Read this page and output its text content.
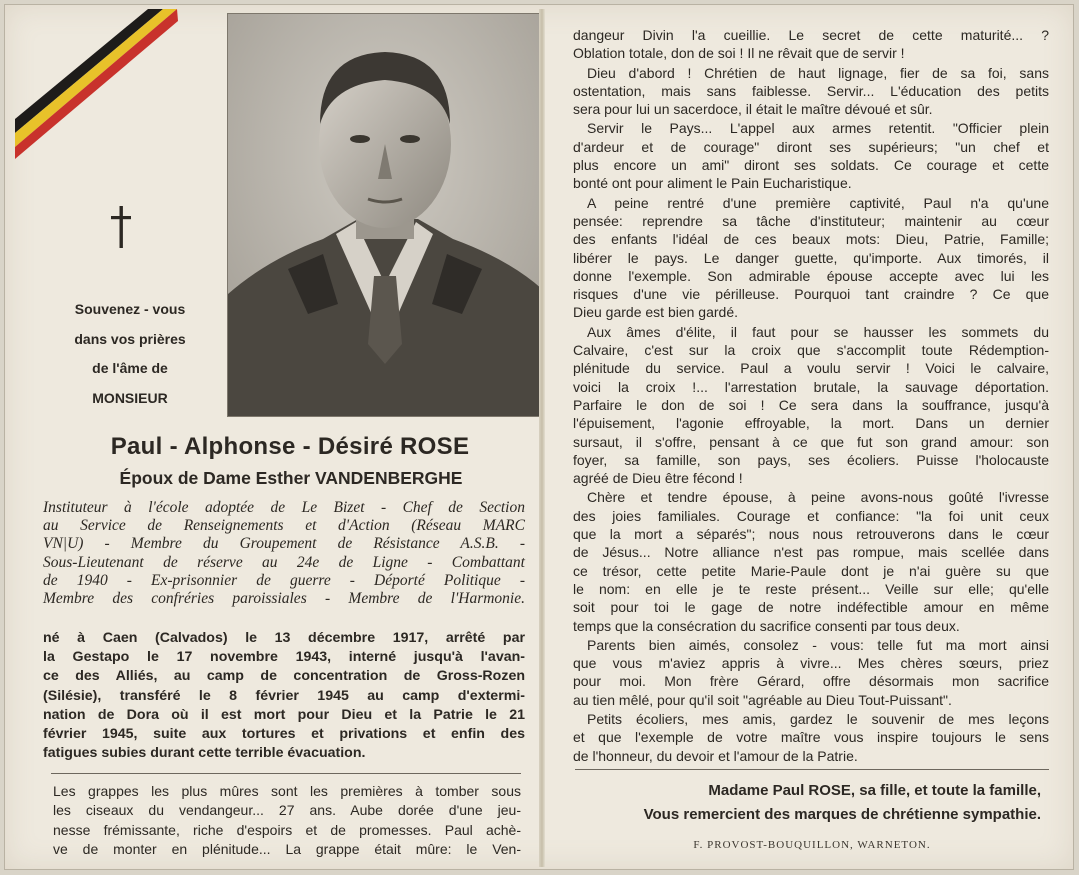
Souvenez - vous
dans vos prières
de l'âme de
MONSIEUR
Paul - Alphonse - Désiré ROSE
Époux de Dame Esther VANDENBERGHE
Instituteur à l'école adoptée de Le Bizet - Chef de Section
au Service de Renseignements et d'Action (Réseau MARC
VN|U) - Membre du Groupement de Résistance A.S.B. -
Sous-Lieutenant de réserve au 24e de Ligne - Combattant
de 1940 - Ex-prisonnier de guerre - Déporté Politique -
Membre des confréries paroissiales - Membre de l'Harmonie.
né à Caen (Calvados) le 13 décembre 1917, arrêté par
la Gestapo le 17 novembre 1943, interné jusqu'à l'avan-
ce des Alliés, au camp de concentration de Gross-Rozen
(Silésie), transféré le 8 février 1945 au camp d'extermi-
nation de Dora où il est mort pour Dieu et la Patrie le 21
février 1945, suite aux tortures et privations et enfin des
fatigues subies durant cette terrible évacuation.
Les grappes les plus mûres sont les premières à tomber sous
les ciseaux du vendangeur... 27 ans. Aube dorée d'une jeu-
nesse frémissante, riche d'espoirs et de promesses. Paul achè-
ve de monter en plénitude... La grappe était mûre: le Ven-
dangeur Divin l'a cueillie. Le secret de cette maturité... ?
Oblation totale, don de soi ! Il ne rêvait que de servir !
Dieu d'abord ! Chrétien de haut lignage, fier de sa foi, sans
ostentation, mais sans faiblesse. Servir... L'éducation des petits
sera pour lui un sacerdoce, il était le maître dévoué et sûr.
Servir le Pays... L'appel aux armes retentit. "Officier plein
d'ardeur et de courage" diront ses supérieurs; "un chef et
plus encore un ami" diront ses soldats. Ce courage et cette
bonté ont pour aliment le Pain Eucharistique.
A peine rentré d'une première captivité, Paul n'a qu'une
pensée: reprendre sa tâche d'instituteur; maintenir au cœur
des enfants l'idéal de ces beaux mots: Dieu, Patrie, Famille;
libérer le pays. Le danger guette, qu'importe. Aux timorés, il
donne l'exemple. Son admirable épouse accepte avec lui les
risques d'une vie périlleuse. Pourquoi tant craindre ? Ce que
Dieu garde est bien gardé.
Aux âmes d'élite, il faut pour se hausser les sommets du
Calvaire, c'est sur la croix que s'accomplit toute Rédemption-
plénitude du service. Paul a voulu servir ! Voici le calvaire,
voici la croix !... l'arrestation brutale, la sauvage déportation.
Parfaire le don de soi ! Ce sera dans la souffrance, jusqu'à
l'épuisement, l'agonie effroyable, la mort. Dans un dernier
sursaut, il s'offre, pensant à ce que fut son grand amour: son
foyer, sa famille, son pays, ses écoliers. Puisse l'holocauste
agréé de Dieu être fécond !
Chère et tendre épouse, à peine avons-nous goûté l'ivresse
des joies familiales. Courage et confiance: "la foi unit ceux
que la mort a séparés"; nous nous retrouverons dans le cœur
de Jésus... Notre alliance n'est pas rompue, mais scellée dans
ce trésor, cette petite Marie-Paule dont je n'ai guère su que
le nom: en elle je te reste présent... Veille sur elle; qu'elle
soit pour toi le gage de notre indéfectible amour en même
temps que la consécration du sacrifice consenti par tous deux.
Parents bien aimés, consolez - vous: telle fut ma mort ainsi
que vous m'aviez appris à vivre... Mes chères sœurs, priez
pour moi. Mon frère Gérard, offre désormais mon sacrifice
au tien mêlé, pour qu'il soit "agréable au Dieu Tout-Puissant".
Petits écoliers, mes amis, gardez le souvenir de mes leçons
et que l'exemple de votre maître vous inspire toujours le sens
de l'honneur, du devoir et l'amour de la Patrie.
Madame Paul ROSE, sa fille, et toute la famille,
Vous remercient des marques de chrétienne sympathie.
F. PROVOST-BOUQUILLON, WARNETON.
